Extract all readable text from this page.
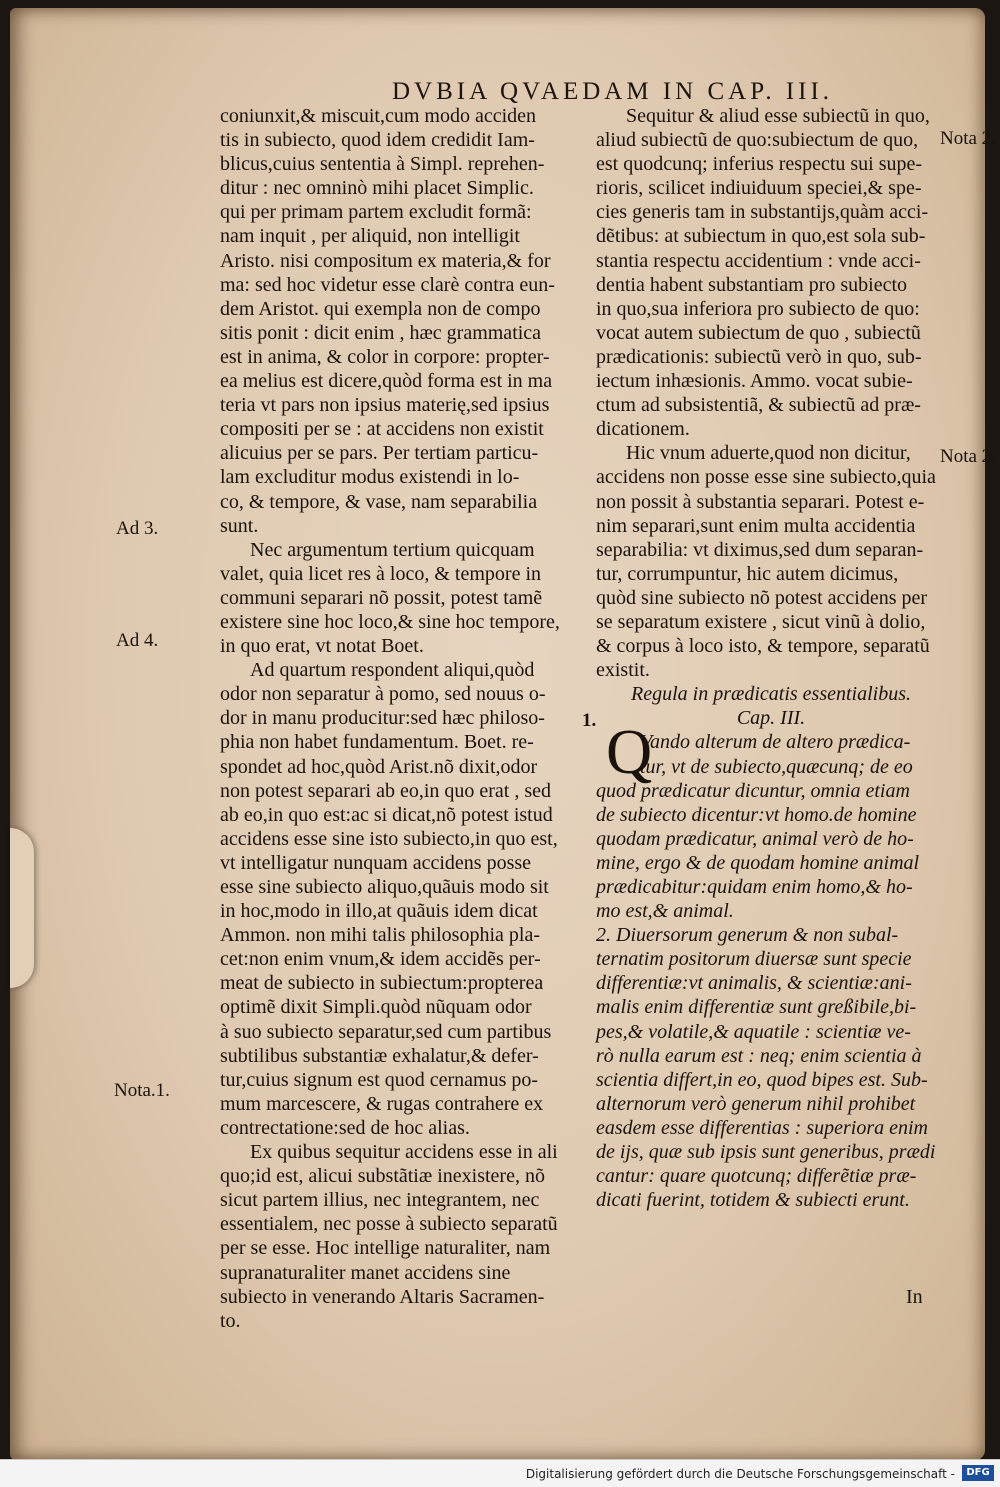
DVBIA QVAEDAM IN CAP. III.
coniunxit,& miscuit,cum modo acciden
tis in subiecto, quod idem credidit Iam-
blicus,cuius sententia à Simpl. reprehen-
ditur : nec omninò mihi placet Simplic.
qui per primam partem excludit formã:
nam inquit , per aliquid, non intelligit
Aristo. nisi compositum ex materia,& for
ma: sed hoc videtur esse clarè contra eun-
dem Aristot. qui exempla non de compo
sitis ponit : dicit enim , hæc grammatica
est in anima, & color in corpore: propter-
ea melius est dicere,quòd forma est in ma
teria vt pars non ipsius materię,sed ipsius
compositi per se : at accidens non existit
alicuius per se pars. Per tertiam particu-
lam excluditur modus existendi in lo-
co, & tempore, & vase, nam separabilia
sunt.
Nec argumentum tertium quicquam
valet, quia licet res à loco, & tempore in
communi separari nõ possit, potest tamẽ
existere sine hoc loco,& sine hoc tempore,
in quo erat, vt notat Boet.
Ad quartum respondent aliqui,quòd
odor non separatur à pomo, sed nouus o-
dor in manu producitur:sed hæc philoso-
phia non habet fundamentum. Boet. re-
spondet ad hoc,quòd Arist.nõ dixit,odor
non potest separari ab eo,in quo erat , sed
ab eo,in quo est:ac si dicat,nõ potest istud
accidens esse sine isto subiecto,in quo est,
vt intelligatur nunquam accidens posse
esse sine subiecto aliquo,quãuis modo sit
in hoc,modo in illo,at quãuis idem dicat
Ammon. non mihi talis philosophia pla-
cet:non enim vnum,& idem accidẽs per-
meat de subiecto in subiectum:propterea
optimẽ dixit Simpli.quòd nũquam odor
à suo subiecto separatur,sed cum partibus
subtilibus substantiæ exhalatur,& defer-
tur,cuius signum est quod cernamus po-
mum marcescere, & rugas contrahere ex
contrectatione:sed de hoc alias.
Ex quibus sequitur accidens esse in ali
quo;id est, alicui substãtiæ inexistere, nõ
sicut partem illius, nec integrantem, nec
essentialem, nec posse à subiecto separatũ
per se esse. Hoc intellige naturaliter, nam
supranaturaliter manet accidens sine
subiecto in venerando Altaris Sacramen-
to.
Sequitur & aliud esse subiectũ in quo,
aliud subiectũ de quo:subiectum de quo,
est quodcunq; inferius respectu sui supe-
rioris, scilicet indiuiduum speciei,& spe-
cies generis tam in substantijs,quàm acci-
dẽtibus: at subiectum in quo,est sola sub-
stantia respectu accidentium : vnde acci-
dentia habent substantiam pro subiecto
in quo,sua inferiora pro subiecto de quo:
vocat autem subiectum de quo , subiectũ
prædicationis: subiectũ verò in quo, sub-
iectum inhæsionis. Ammo. vocat subie-
ctum ad subsistentiã, & subiectũ ad præ-
dicationem.
Hic vnum aduerte,quod non dicitur,
accidens non posse esse sine subiecto,quia
non possit à substantia separari. Potest e-
nim separari,sunt enim multa accidentia
separabilia: vt diximus,sed dum separan-
tur, corrumpuntur, hic autem dicimus,
quòd sine subiecto nõ potest accidens per
se separatum existere , sicut vinũ à dolio,
& corpus à loco isto, & tempore, separatũ
existit.
Regula in prædicatis essentialibus.
Cap. III.
Vando alterum de altero prædica-
tur, vt de subiecto,quæcunq; de eo
quod prædicatur dicuntur, omnia etiam
de subiecto dicentur:vt homo.de homine
quodam prædicatur, animal verò de ho-
mine, ergo & de quodam homine animal
prædicabitur:quidam enim homo,& ho-
mo est,& animal.
2. Diuersorum generum & non subal-
ternatim positorum diuersæ sunt specie
differentiæ:vt animalis, & scientiæ:ani-
malis enim differentiæ sunt greßibile,bi-
pes,& volatile,& aquatile : scientiæ ve-
rò nulla earum est : neq; enim scientia à
scientia differt,in eo, quod bipes est. Sub-
alternorum verò generum nihil prohibet
easdem esse differentias : superiora enim
de ijs, quæ sub ipsis sunt generibus, prædi
cantur: quare quotcunq; differẽtiæ præ-
dicati fuerint, totidem & subiecti erunt.
Ad 3.
Ad 4.
Nota.1.
Nota 2.
Nota 2.
1. Q
In
Digitalisierung gefördert durch die Deutsche Forschungsgemeinschaft -	DFG
